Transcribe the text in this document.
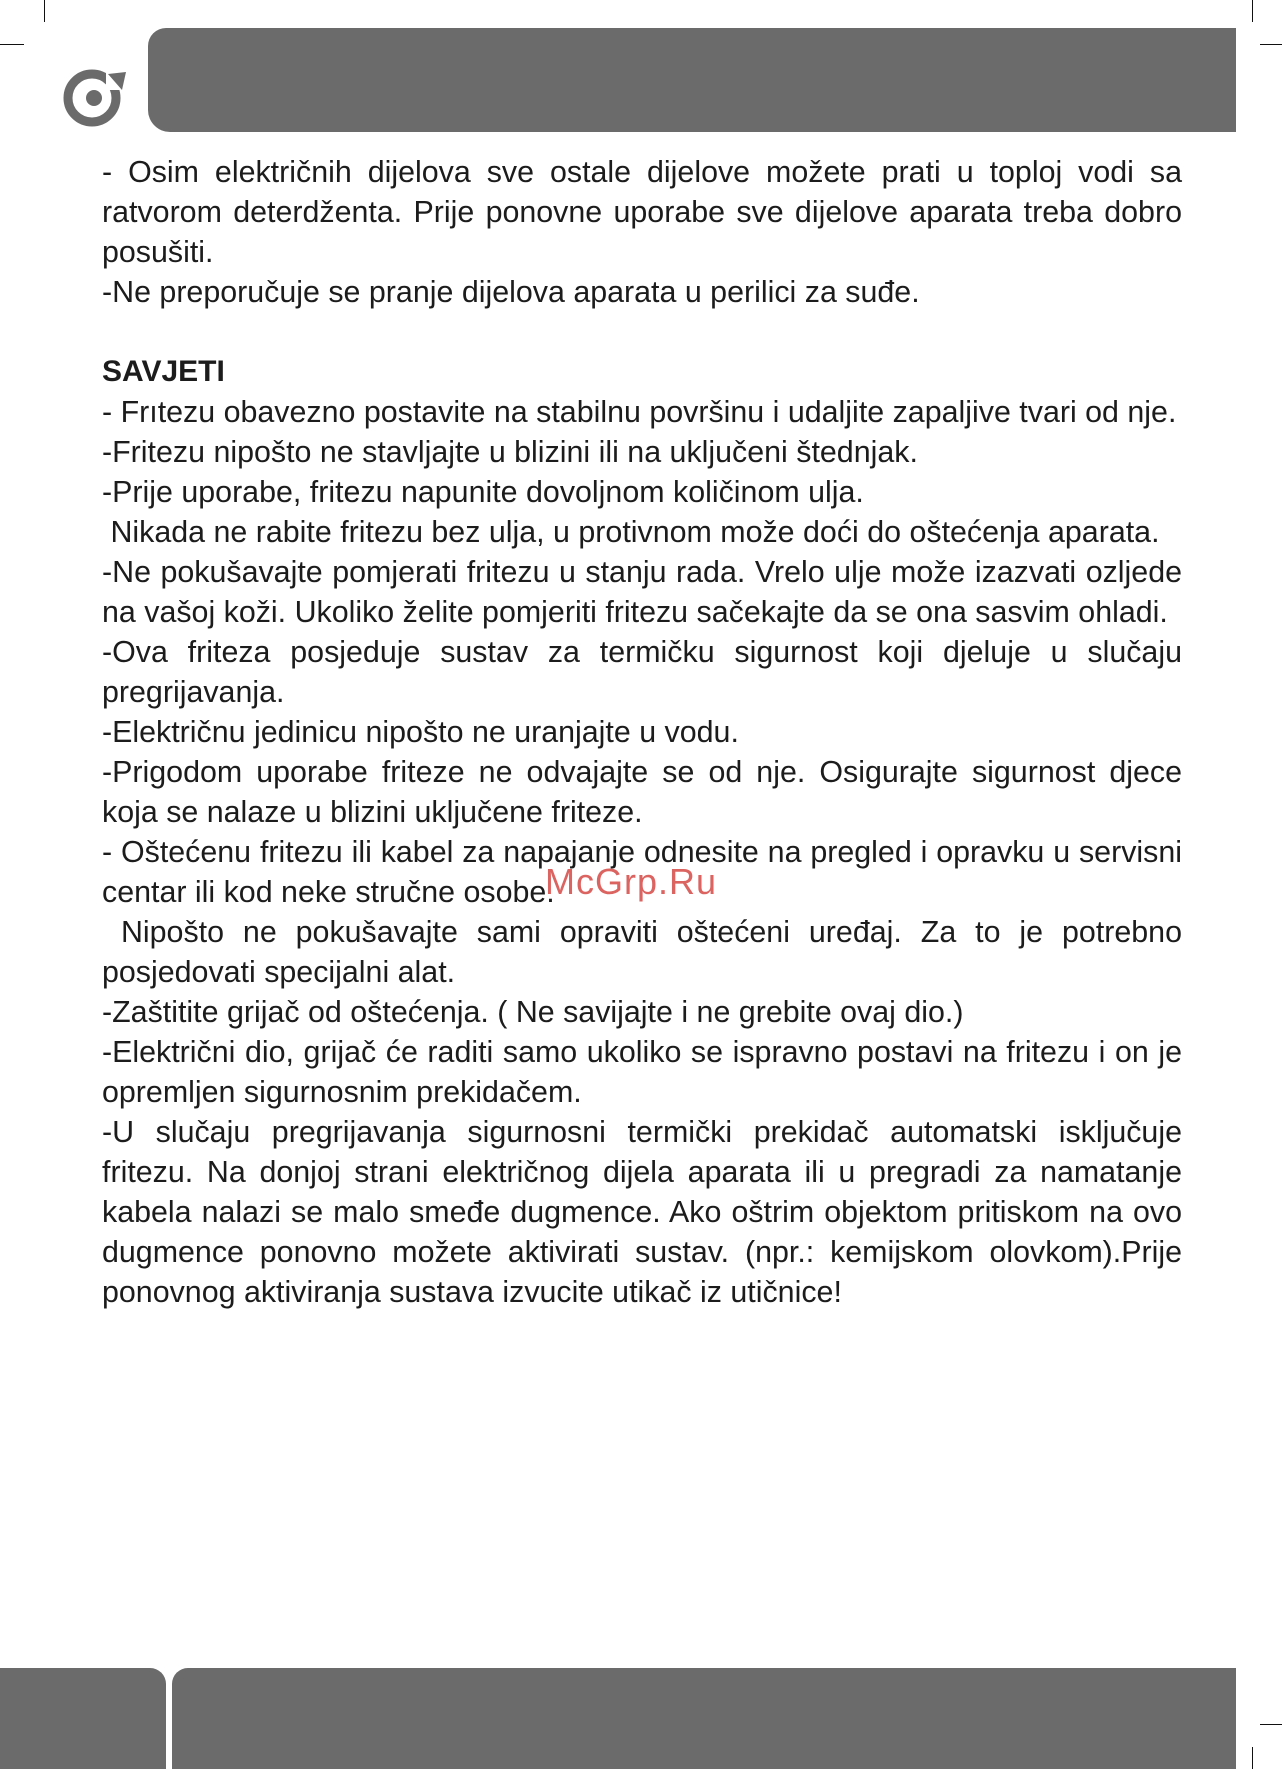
- Osim električnih dijelova sve ostale dijelove možete prati u toploj vodi sa ratvorom deterdženta. Prije ponovne uporabe sve dijelove aparata treba dobro posušiti.

-Ne preporučuje se pranje dijelova aparata u perilici za suđe.

SAVJETI

- Frıtezu obavezno postavite na stabilnu površinu i udaljite zapaljive tvari od nje.

-Fritezu nipošto ne stavljajte u blizini ili na uključeni štednjak.

-Prije uporabe, fritezu napunite dovoljnom količinom ulja.

Nikada ne rabite fritezu bez ulja, u protivnom može doći do oštećenja aparata.

-Ne pokušavajte pomjerati fritezu u stanju rada. Vrelo ulje može izazvati ozljede na vašoj koži. Ukoliko želite pomjeriti fritezu sačekajte da se ona sasvim ohladi.

-Ova friteza posjeduje sustav za termičku sigurnost koji djeluje u slučaju pregrijavanja.

-Električnu jedinicu nipošto ne uranjajte u vodu.

-Prigodom uporabe friteze ne odvajajte se od nje. Osigurajte sigurnost djece koja se nalaze u blizini uključene friteze.

- Oštećenu fritezu ili kabel za napajanje odnesite na pregled i opravku u servisni centar ili kod neke stručne osobe.

Nipošto ne pokušavajte sami opraviti oštećeni uređaj. Za to je potrebno posjedovati specijalni alat.

-Zaštitite grijač od oštećenja. ( Ne savijajte i ne grebite ovaj dio.)

-Električni dio, grijač će raditi samo ukoliko se ispravno postavi na fritezu i on je opremljen sigurnosnim prekidačem.

-U slučaju pregrijavanja sigurnosni termički prekidač automatski isključuje fritezu. Na donjoj strani električnog dijela aparata ili u pregradi za namatanje kabela nalazi se malo smeđe dugmence. Ako oštrim objektom pritiskom na ovo dugmence ponovno možete aktivirati sustav. (npr.: kemijskom olovkom).Prije ponovnog aktiviranja sustava izvucite utikač iz utičnice!

McGrp.Ru
